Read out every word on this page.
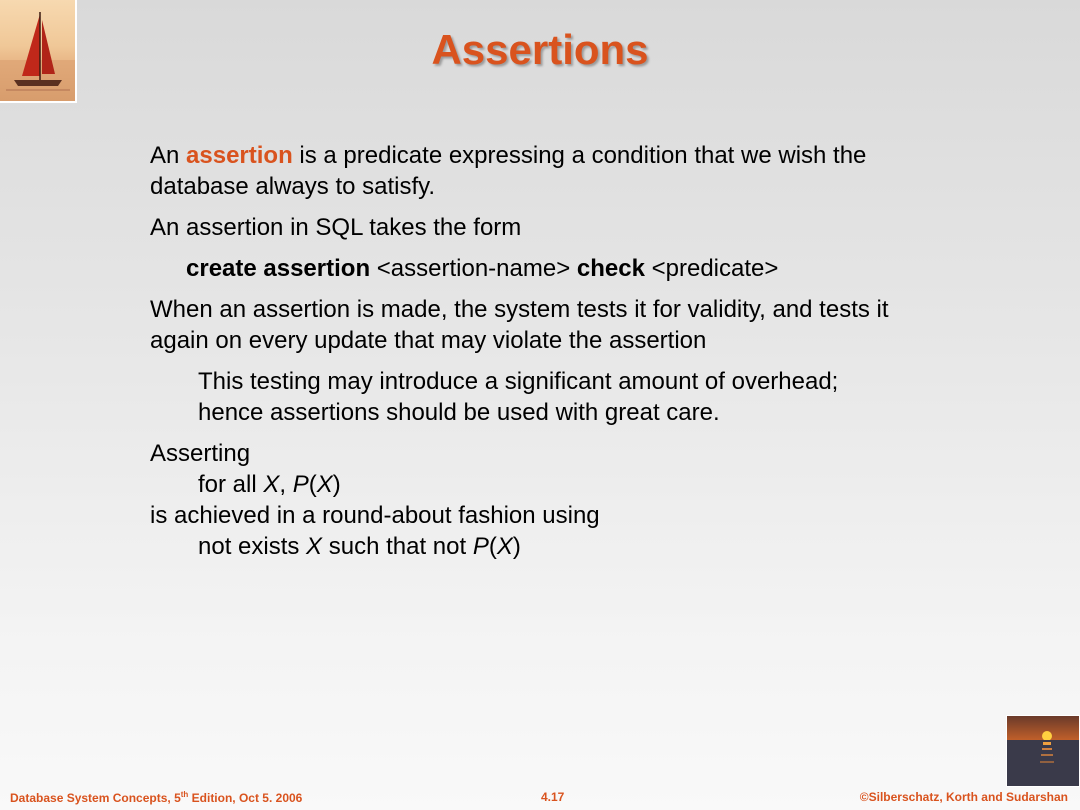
Assertions
An assertion is a predicate expressing a condition that we wish the
database always to satisfy.
An assertion in SQL takes the form
create assertion <assertion-name> check <predicate>
When an assertion is made, the system tests it for validity, and tests it
again on every update that may violate the assertion
This testing may introduce a significant amount of overhead;
hence assertions should be used with great care.
Asserting
for all X, P(X)
is achieved in a round-about fashion using
not exists X such that not P(X)
Database System Concepts, 5th Edition, Oct 5. 2006	4.17	©Silberschatz, Korth and Sudarshan
